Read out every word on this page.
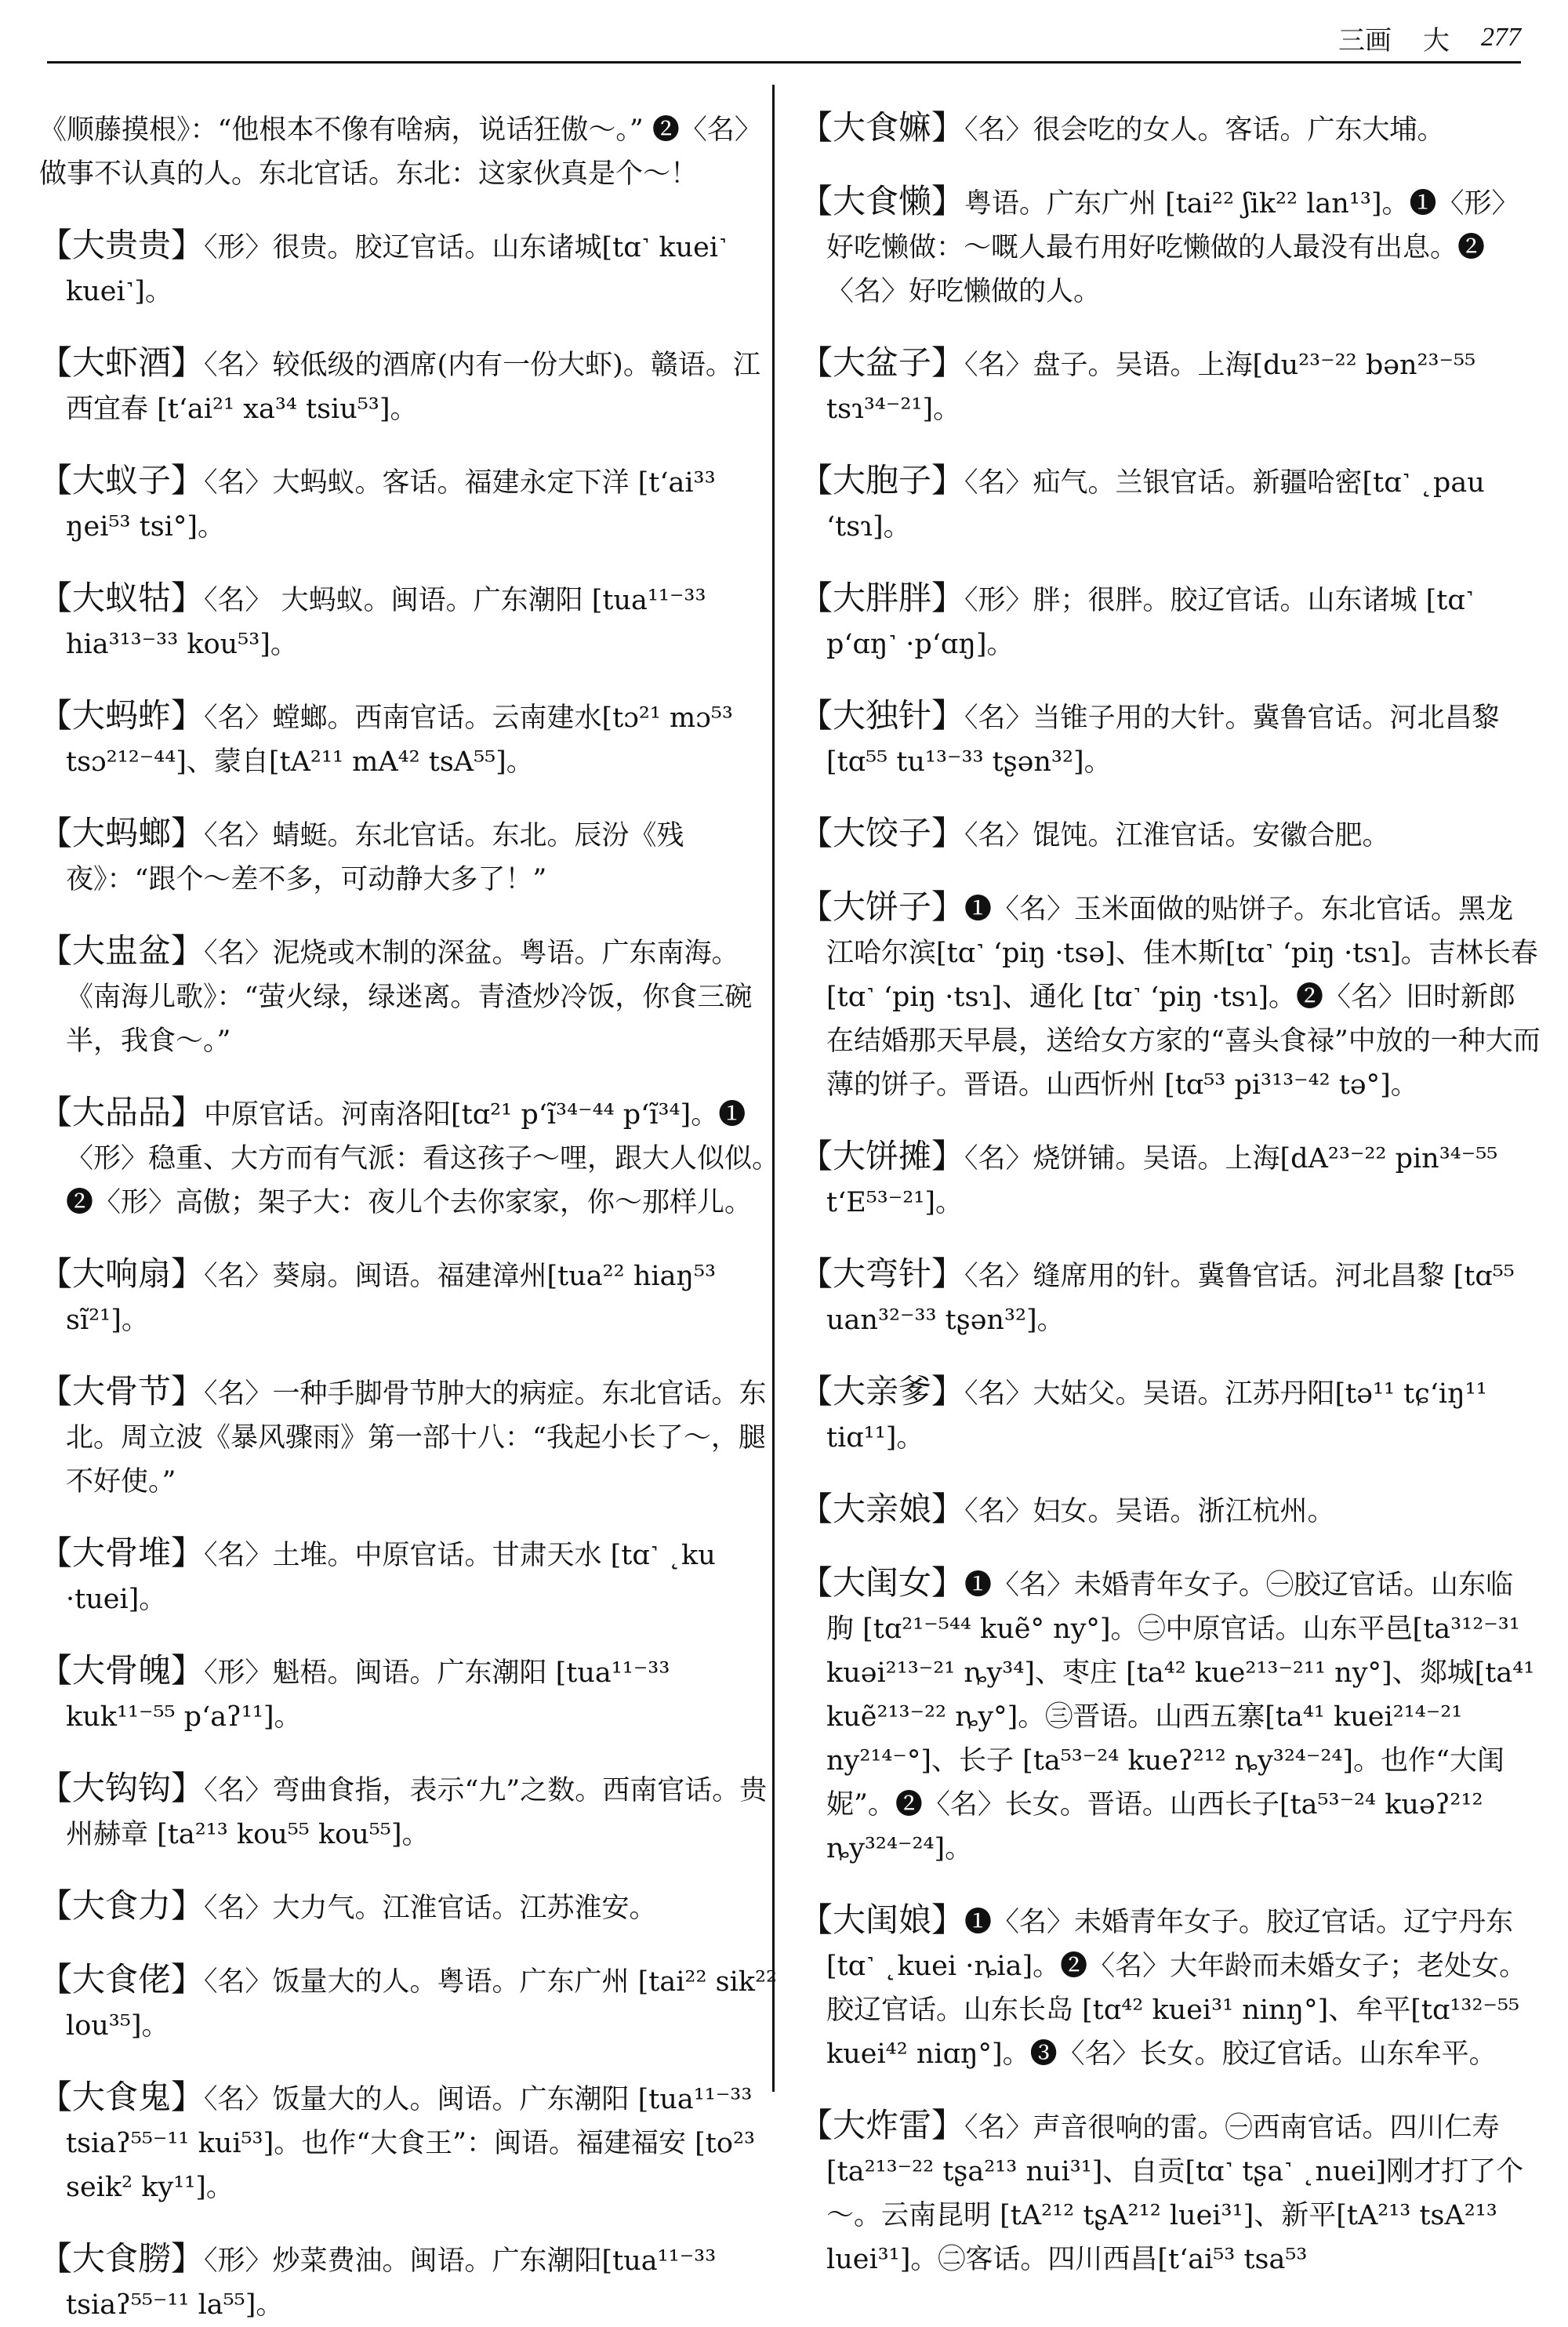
三画 大 277

《顺藤摸根》：“他根本不像有啥病，说话狂傲～。” ❷〈名〉做事不认真的人。东北官话。东北：这家伙真是个～！

【大贵贵】〈形〉很贵。胶辽官话。山东诸城[tɑ˺ kuei˺ kuei˺]。

【大虾酒】〈名〉较低级的酒席(内有一份大虾)。赣语。江西宜春 [tʻai²¹ xa³⁴ tsiu⁵³]。

【大蚁子】〈名〉大蚂蚁。客话。福建永定下洋 [tʻai³³ ŋei⁵³ tsi°]。

【大蚁牯】〈名〉 大蚂蚁。闽语。广东潮阳 [tua¹¹⁻³³ hia³¹³⁻³³ kou⁵³]。

【大蚂蚱】〈名〉螳螂。西南官话。云南建水[tɔ²¹ mɔ⁵³ tsɔ²¹²⁻⁴⁴]、蒙自[tA²¹¹ mA⁴² tsA⁵⁵]。

【大蚂螂】〈名〉蜻蜓。东北官话。东北。辰汾《残夜》：“跟个～差不多，可动静大多了！”

【大盅盆】〈名〉泥烧或木制的深盆。粤语。广东南海。《南海儿歌》：“萤火绿，绿迷离。青渣炒冷饭，你食三碗半，我食～。”

【大品品】中原官话。河南洛阳[tɑ²¹ pʻĩ³⁴⁻⁴⁴ pʻĩ³⁴]。❶〈形〉稳重、大方而有气派：看这孩子～哩，跟大人似似。❷〈形〉高傲；架子大：夜儿个去你家家，你～那样儿。

【大响扇】〈名〉葵扇。闽语。福建漳州[tua²² hiaŋ⁵³ sĩ²¹]。

【大骨节】〈名〉一种手脚骨节肿大的病症。东北官话。东北。周立波《暴风骤雨》第一部十八：“我起小长了～，腿不好使。”

【大骨堆】〈名〉土堆。中原官话。甘肃天水 [tɑ˺ ˛ku ·tuei]。

【大骨魄】〈形〉魁梧。闽语。广东潮阳 [tua¹¹⁻³³ kuk¹¹⁻⁵⁵ pʻaʔ¹¹]。

【大钩钩】〈名〉弯曲食指，表示“九”之数。西南官话。贵州赫章 [ta²¹³ kou⁵⁵ kou⁵⁵]。

【大食力】〈名〉大力气。江淮官话。江苏淮安。

【大食佬】〈名〉饭量大的人。粤语。广东广州 [tai²² sik²² lou³⁵]。

【大食鬼】〈名〉饭量大的人。闽语。广东潮阳 [tua¹¹⁻³³ tsiaʔ⁵⁵⁻¹¹ kui⁵³]。也作“大食王”：闽语。福建福安 [to²³ seik² ky¹¹]。

【大食朥】〈形〉炒菜费油。闽语。广东潮阳[tua¹¹⁻³³ tsiaʔ⁵⁵⁻¹¹ la⁵⁵]。

【大食嫲】〈名〉很会吃的女人。客话。广东大埔。

【大食懒】粤语。广东广州 [tai²² ʃik²² lan¹³]。❶〈形〉好吃懒做：～嘅人最冇用好吃懒做的人最没有出息。❷〈名〉好吃懒做的人。

【大盆子】〈名〉盘子。吴语。上海[du²³⁻²² bən²³⁻⁵⁵ tsɿ³⁴⁻²¹]。

【大胞子】〈名〉疝气。兰银官话。新疆哈密[tɑ˺ ˛pau ʻtsɿ]。

【大胖胖】〈形〉胖；很胖。胶辽官话。山东诸城 [tɑ˺ pʻɑŋ˺ ·pʻɑŋ]。

【大独针】〈名〉当锥子用的大针。冀鲁官话。河北昌黎[tɑ⁵⁵ tu¹³⁻³³ tʂən³²]。

【大饺子】〈名〉馄饨。江淮官话。安徽合肥。

【大饼子】❶〈名〉玉米面做的贴饼子。东北官话。黑龙江哈尔滨[tɑ˺ ʻpiŋ ·tsə]、佳木斯[tɑ˺ ʻpiŋ ·tsɿ]。吉林长春 [tɑ˺ ʻpiŋ ·tsɿ]、通化 [tɑ˺ ʻpiŋ ·tsɿ]。❷〈名〉旧时新郎在结婚那天早晨，送给女方家的“喜头食禄”中放的一种大而薄的饼子。晋语。山西忻州 [tɑ⁵³ pi³¹³⁻⁴² tə°]。

【大饼摊】〈名〉烧饼铺。吴语。上海[dA²³⁻²² pin³⁴⁻⁵⁵ tʻE⁵³⁻²¹]。

【大弯针】〈名〉缝席用的针。冀鲁官话。河北昌黎 [tɑ⁵⁵ uan³²⁻³³ tʂən³²]。

【大亲爹】〈名〉大姑父。吴语。江苏丹阳[tə¹¹ tɕʻiŋ¹¹ tiɑ¹¹]。

【大亲娘】〈名〉妇女。吴语。浙江杭州。

【大闺女】❶〈名〉未婚青年女子。㊀胶辽官话。山东临朐 [tɑ²¹⁻⁵⁴⁴ kuẽ° ny°]。㊁中原官话。山东平邑[ta³¹²⁻³¹ kuəi²¹³⁻²¹ ȵy³⁴]、枣庄 [ta⁴² kue²¹³⁻²¹¹ ny°]、郯城[ta⁴¹ kuẽ²¹³⁻²² ȵy°]。㊂晋语。山西五寨[ta⁴¹ kuei²¹⁴⁻²¹ ny²¹⁴⁻°]、长子 [ta⁵³⁻²⁴ kueʔ²¹² ȵy³²⁴⁻²⁴]。也作“大闺妮”。❷〈名〉长女。晋语。山西长子[ta⁵³⁻²⁴ kuəʔ²¹² ȵy³²⁴⁻²⁴]。

【大闺娘】❶〈名〉未婚青年女子。胶辽官话。辽宁丹东 [tɑ˺ ˛kuei ·ȵia]。❷〈名〉大年龄而未婚女子；老处女。胶辽官话。山东长岛 [tɑ⁴² kuei³¹ ninŋ°]、牟平[tɑ¹³²⁻⁵⁵ kuei⁴² niɑŋ°]。❸〈名〉长女。胶辽官话。山东牟平。

【大炸雷】〈名〉声音很响的雷。㊀西南官话。四川仁寿[ta²¹³⁻²² tʂa²¹³ nui³¹]、自贡[tɑ˺ tʂa˺ ˛nuei]刚才打了个～。云南昆明 [tA²¹² tʂA²¹² luei³¹]、新平[tA²¹³ tsA²¹³ luei³¹]。㊁客话。四川西昌[tʻai⁵³ tsa⁵³
